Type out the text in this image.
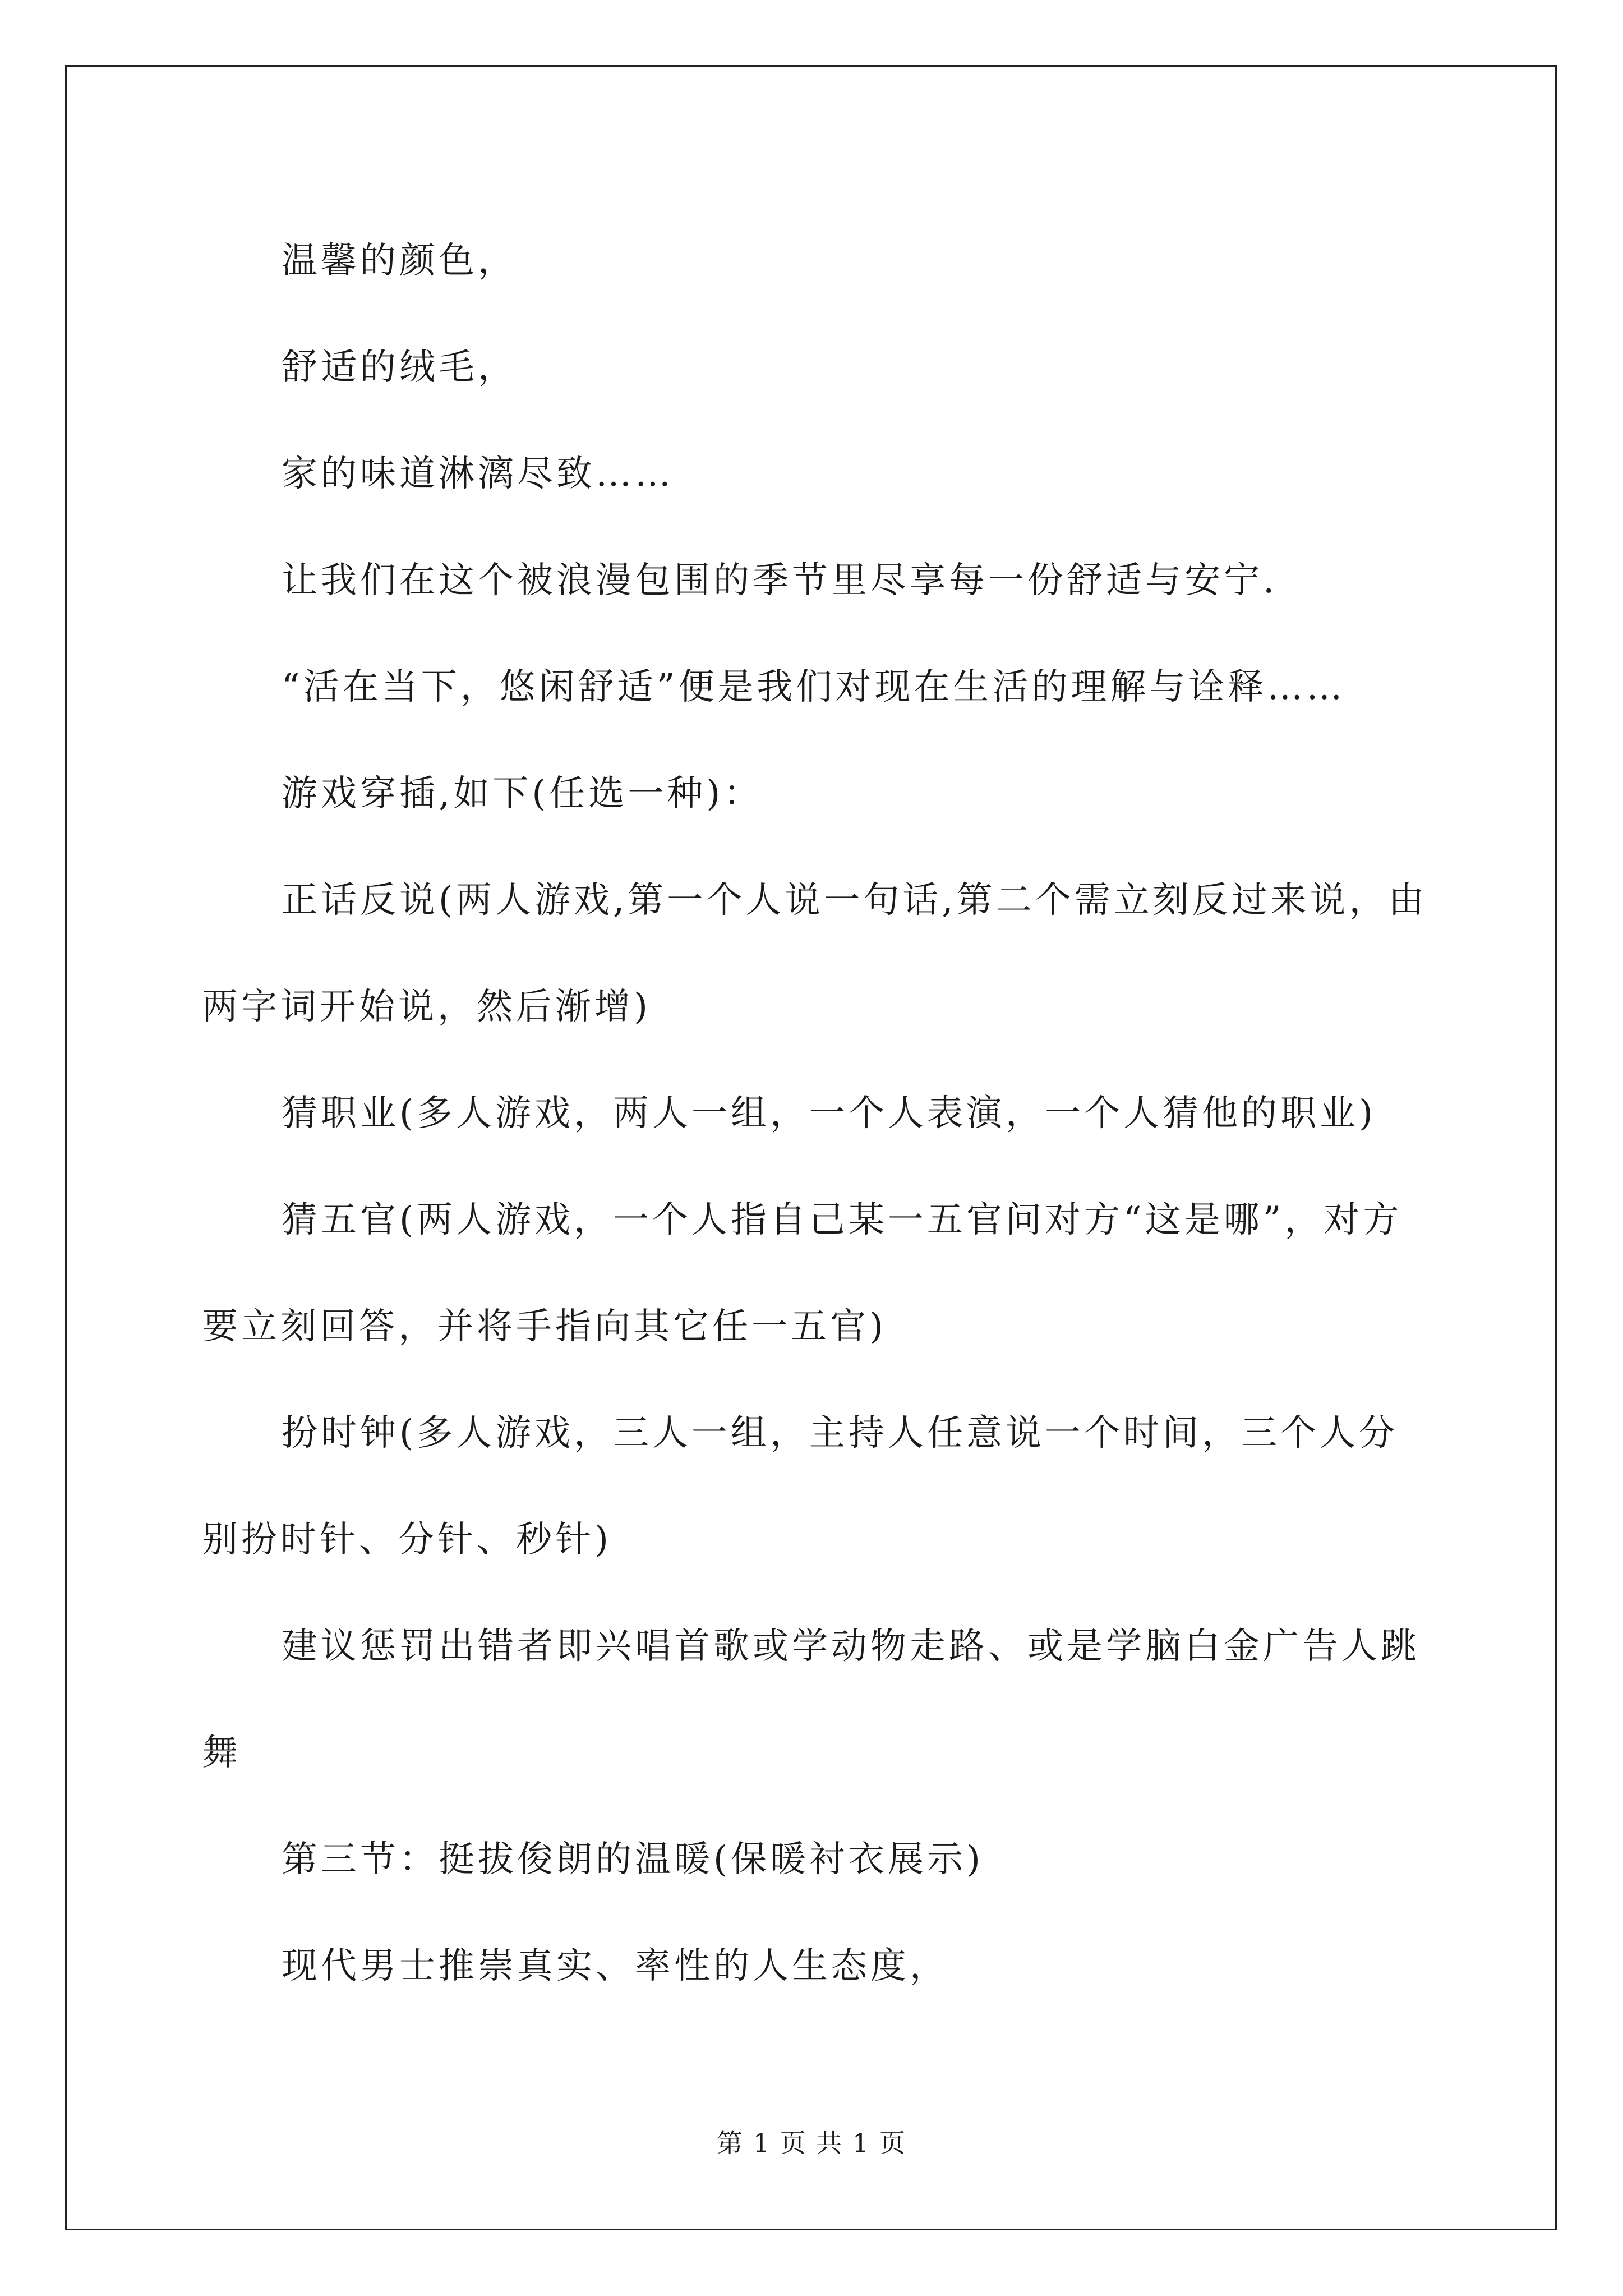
温馨的颜色，

舒适的绒毛，

家的味道淋漓尽致……

让我们在这个被浪漫包围的季节里尽享每一份舒适与安宁.

“活在当下，悠闲舒适”便是我们对现在生活的理解与诠释……

游戏穿插,如下(任选一种)：

正话反说(两人游戏,第一个人说一句话,第二个需立刻反过来说，由两字词开始说，然后渐增)

猜职业(多人游戏，两人一组，一个人表演，一个人猜他的职业)

猜五官(两人游戏，一个人指自己某一五官问对方“这是哪”，对方要立刻回答，并将手指向其它任一五官)

扮时钟(多人游戏，三人一组，主持人任意说一个时间，三个人分别扮时针、分针、秒针)

建议惩罚出错者即兴唱首歌或学动物走路、或是学脑白金广告人跳舞

第三节：挺拔俊朗的温暖(保暖衬衣展示)

现代男士推崇真实、率性的人生态度，

第 1 页 共 1 页
